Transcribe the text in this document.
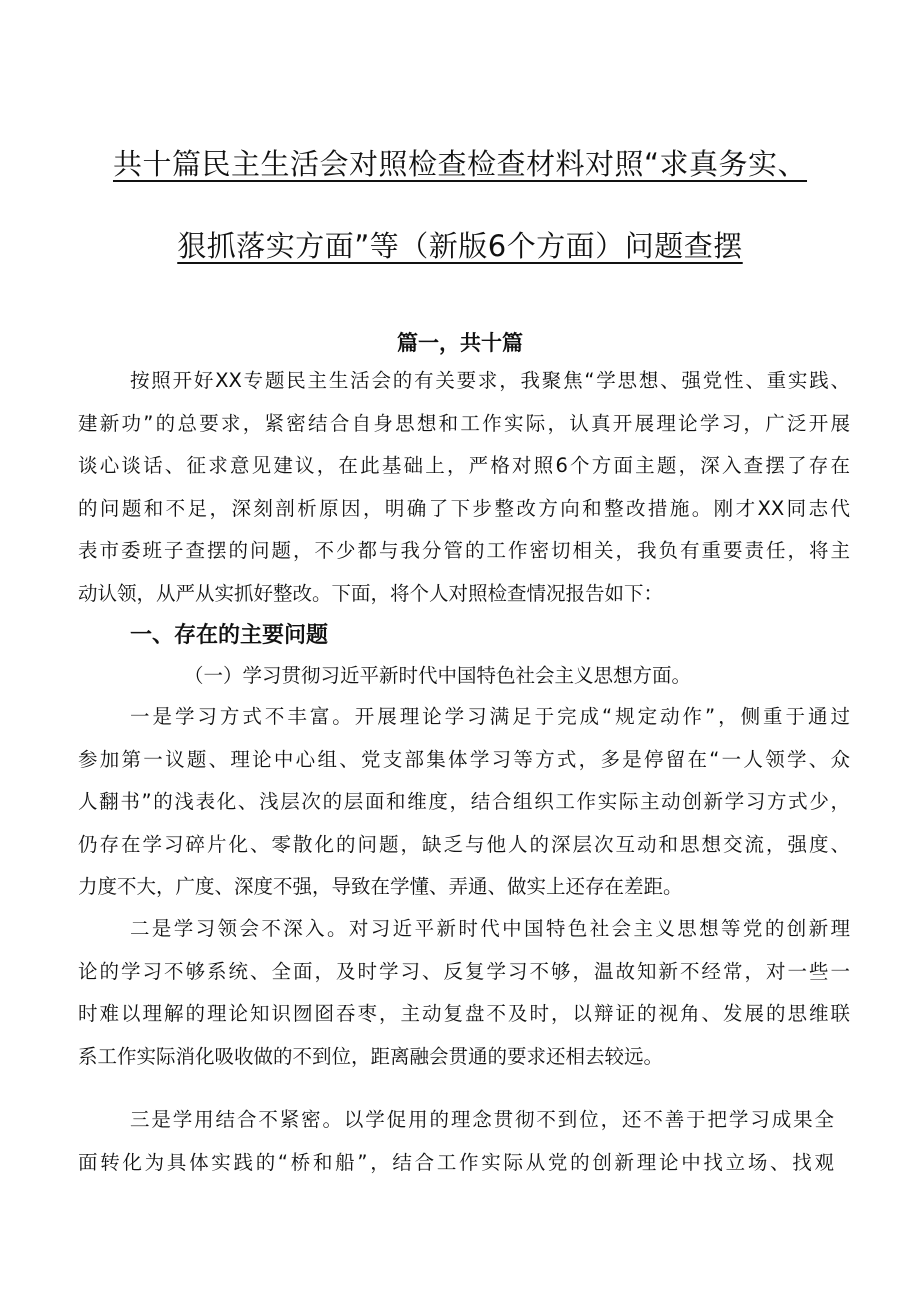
共十篇民主生活会对照检查检查材料对照“求真务实、
狠抓落实方面”等（新版6个方面）问题查摆
篇一，共十篇
按照开好XX专题民主生活会的有关要求，我聚焦“学思想、强党性、重实践、
建新功”的总要求，紧密结合自身思想和工作实际，认真开展理论学习，广泛开展
谈心谈话、征求意见建议，在此基础上，严格对照6个方面主题，深入查摆了存在
的问题和不足，深刻剖析原因，明确了下步整改方向和整改措施。刚才XX同志代
表市委班子查摆的问题，不少都与我分管的工作密切相关，我负有重要责任，将主
动认领，从严从实抓好整改。下面，将个人对照检查情况报告如下：
一、存在的主要问题
（一）学习贯彻习近平新时代中国特色社会主义思想方面。
一是学习方式不丰富。开展理论学习满足于完成“规定动作”，侧重于通过
参加第一议题、理论中心组、党支部集体学习等方式，多是停留在“一人领学、众
人翻书”的浅表化、浅层次的层面和维度，结合组织工作实际主动创新学习方式少，
仍存在学习碎片化、零散化的问题，缺乏与他人的深层次互动和思想交流，强度、
力度不大，广度、深度不强，导致在学懂、弄通、做实上还存在差距。
二是学习领会不深入。对习近平新时代中国特色社会主义思想等党的创新理
论的学习不够系统、全面，及时学习、反复学习不够，温故知新不经常，对一些一
时难以理解的理论知识囫囵吞枣，主动复盘不及时，以辩证的视角、发展的思维联
系工作实际消化吸收做的不到位，距离融会贯通的要求还相去较远。
三是学用结合不紧密。以学促用的理念贯彻不到位，还不善于把学习成果全
面转化为具体实践的“桥和船”，结合工作实际从党的创新理论中找立场、找观
